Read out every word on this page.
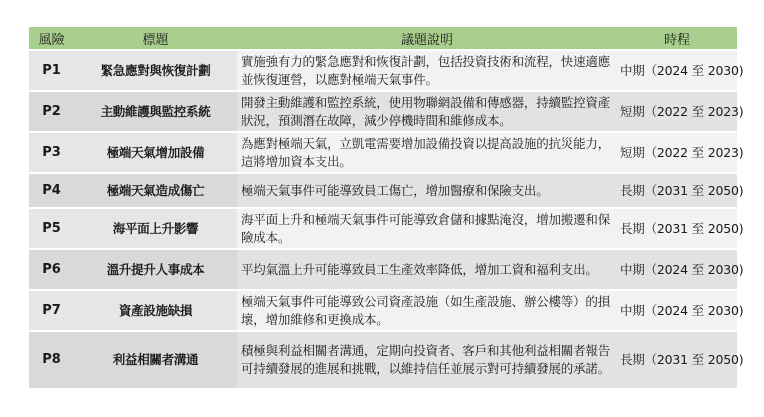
風險	標題	議題說明	時程
P1	緊急應對與恢復計劃	實施強有力的緊急應對和恢復計劃，包括投資技術和流程，快速適應並恢復運營，以應對極端天氣事件。	中期（2024 至 2030)
P2	主動維護與監控系統	開發主動維護和監控系統，使用物聯網設備和傳感器，持續監控資產狀況，預測潛在故障，減少停機時間和維修成本。	短期（2022 至 2023)
P3	極端天氣增加設備	為應對極端天氣，立凱電需要增加設備投資以提高設施的抗災能力，這將增加資本支出。	短期（2022 至 2023)
P4	極端天氣造成傷亡	極端天氣事件可能導致員工傷亡，增加醫療和保險支出。	長期（2031 至 2050)
P5	海平面上升影響	海平面上升和極端天氣事件可能導致倉儲和據點淹沒，增加搬遷和保險成本。	長期（2031 至 2050)
P6	溫升提升人事成本	平均氣溫上升可能導致員工生產效率降低，增加工資和福利支出。	中期（2024 至 2030)
P7	資產設施缺損	極端天氣事件可能導致公司資產設施（如生產設施、辦公樓等）的損壞，增加維修和更換成本。	中期（2024 至 2030)
P8	利益相關者溝通	積極與利益相關者溝通，定期向投資者、客戶和其他利益相關者報告可持續發展的進展和挑戰，以維持信任並展示對可持續發展的承諾。	長期（2031 至 2050)
